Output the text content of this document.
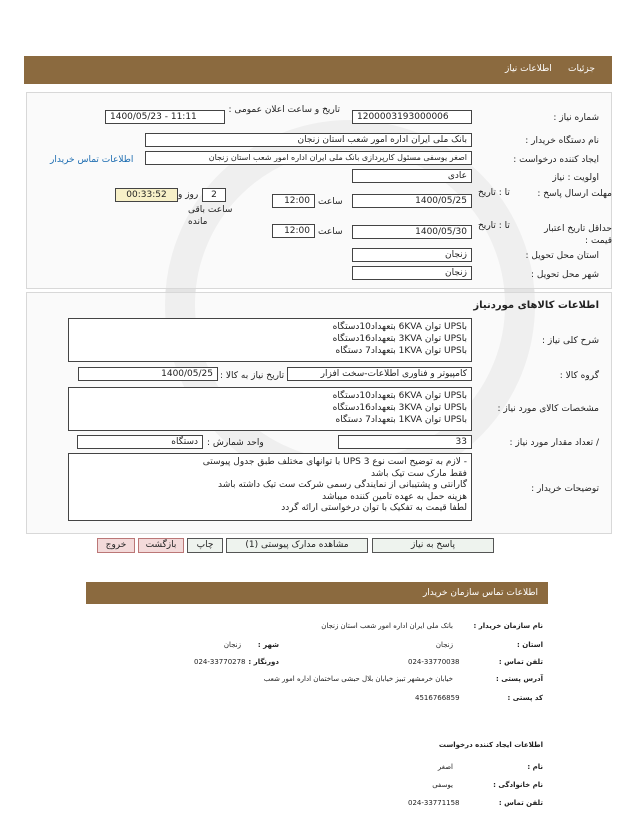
جزئیات
اطلاعات نیاز
شماره نیاز :
1200003193000006
تاریخ و ساعت اعلان عمومی :
1400/05/23 - 11:11
نام دستگاه خریدار :
بانک ملی ایران اداره امور شعب استان زنجان
ایجاد کننده درخواست :
اصغر یوسفی مسئول کارپردازی بانک ملی ایران اداره امور شعب استان زنجان
اطلاعات تماس خریدار
اولویت : نیاز
عادی
مهلت ارسال پاسخ :
تا : تاریخ
1400/05/25
ساعت
12:00
2
روز و
00:33:52
ساعت باقی مانده
حداقل تاریخ اعتبار قیمت :
تا : تاریخ
1400/05/30
ساعت
12:00
استان محل تحویل :
زنجان
شهر محل تحویل :
زنجان
اطلاعات کالاهای موردنیاز
شرح کلی نیاز :
باUPS توان 6KVA بتعهداد10دستگاه
باUPS توان 3KVA بتعهداد16دستگاه
باUPS توان 1KVA بتعهداد7 دستگاه
گروه کالا :
کامپیوتر و فناوری اطلاعات-سخت افزار
تاریخ نیاز به کالا :
1400/05/25
مشخصات کالای مورد نیاز :
باUPS توان 6KVA بتعهداد10دستگاه
باUPS توان 3KVA بتعهداد16دستگاه
باUPS توان 1KVA بتعهداد7 دستگاه
/ تعداد مقدار مورد نیاز :
33
واحد شمارش :
دستگاه
توضیحات خریدار :
- لازم به توضیح است نوع UPS 3 با توانهای مختلف طبق جدول پیوستی
فقط مارک ست تیک باشد
گارانتی و پشتیبانی از نمایندگی رسمی شرکت ست تیک داشته باشد
هزینه حمل به عهده تامین کننده میباشد
لطفا قیمت به تفکیک با توان درخواستی ارائه گردد
پاسخ به نیاز
مشاهده مدارک پیوستی (1)
چاپ
بازگشت
خروج
اطلاعات تماس سازمان خریدار
نام سازمان خریدار :
بانک ملی ایران اداره امور شعب استان زنجان
استان :
زنجان
شهر :
زنجان
تلفن تماس :
024-33770038
دورنگار :
024-33770278
آدرس پستی :
خیابان خرمشهر تبیز خیابان بلال حبشی ساختمان اداره امور شعب
کد پستی :
4516766859
اطلاعات ایجاد کننده درخواست
نام :
اصغر
نام خانوادگی :
یوسفی
تلفن تماس :
024-33771158
